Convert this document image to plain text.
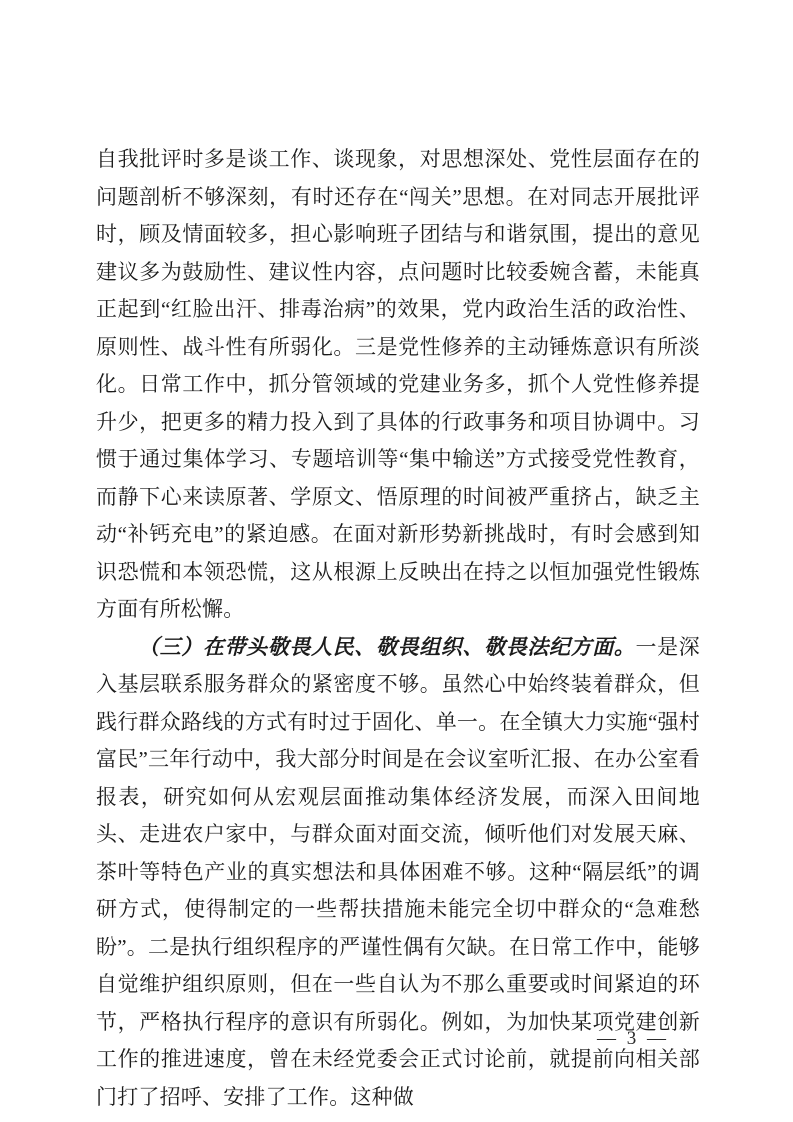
自我批评时多是谈工作、谈现象，对思想深处、党性层面存在的问题剖析不够深刻，有时还存在“闯关”思想。在对同志开展批评时，顾及情面较多，担心影响班子团结与和谐氛围，提出的意见建议多为鼓励性、建议性内容，点问题时比较委婉含蓄，未能真正起到“红脸出汗、排毒治病”的效果，党内政治生活的政治性、原则性、战斗性有所弱化。三是党性修养的主动锤炼意识有所淡化。日常工作中，抓分管领域的党建业务多，抓个人党性修养提升少，把更多的精力投入到了具体的行政事务和项目协调中。习惯于通过集体学习、专题培训等“集中输送”方式接受党性教育，而静下心来读原著、学原文、悟原理的时间被严重挤占，缺乏主动“补钙充电”的紧迫感。在面对新形势新挑战时，有时会感到知识恐慌和本领恐慌，这从根源上反映出在持之以恒加强党性锻炼方面有所松懈。

（三）在带头敬畏人民、敬畏组织、敬畏法纪方面。一是深入基层联系服务群众的紧密度不够。虽然心中始终装着群众，但践行群众路线的方式有时过于固化、单一。在全镇大力实施“强村富民”三年行动中，我大部分时间是在会议室听汇报、在办公室看报表，研究如何从宏观层面推动集体经济发展，而深入田间地头、走进农户家中，与群众面对面交流，倾听他们对发展天麻、茶叶等特色产业的真实想法和具体困难不够。这种“隔层纸”的调研方式，使得制定的一些帮扶措施未能完全切中群众的“急难愁盼”。二是执行组织程序的严谨性偶有欠缺。在日常工作中，能够自觉维护组织原则，但在一些自认为不那么重要或时间紧迫的环节，严格执行程序的意识有所弱化。例如，为加快某项党建创新工作的推进速度，曾在未经党委会正式讨论前，就提前向相关部门打了招呼、安排了工作。这种做

— 3 —
